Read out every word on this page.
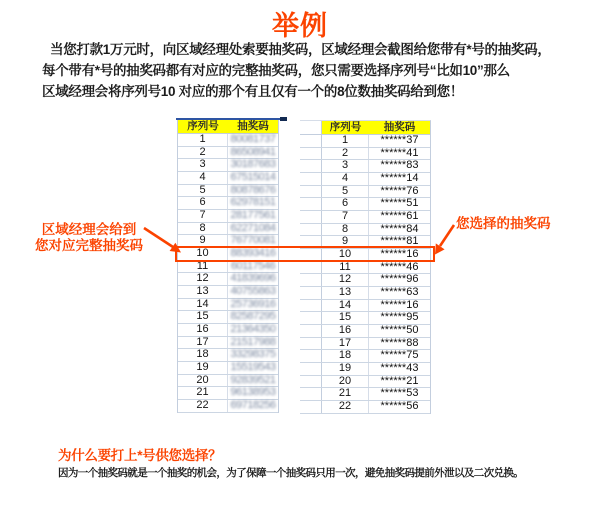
举例
当您打款1万元时，向区域经理处索要抽奖码，区域经理会截图给您带有*号的抽奖码，
每个带有*号的抽奖码都有对应的完整抽奖码，您只需要选择序列号“比如10”那么
区域经理会将序列号10 对应的那个有且仅有一个的8位数抽奖码给到您！
序列号	抽奖码
1	80081737
2	86508941
3	30187683
4	67515014
5	80878676
6	62978151
7	28177561
8	62271084
9	76770081
10	88393416
11	60117546
12	41839696
13	40755863
14	25736916
15	82587295
16	21364350
17	21517988
18	33298375
19	15519543
20	92839521
21	96138953
22	69718256
序列号	抽奖码
1	******37
2	******41
3	******83
4	******14
5	******76
6	******51
7	******61
8	******84
9	******81
10	******16
11	******46
12	******96
13	******63
14	******16
15	******95
16	******50
17	******88
18	******75
19	******43
20	******21
21	******53
22	******56
区域经理会给到
您对应完整抽奖码
您选择的抽奖码
为什么要打上*号供您选择？
因为一个抽奖码就是一个抽奖的机会，为了保障一个抽奖码只用一次，避免抽奖码提前外泄以及二次兑换。
